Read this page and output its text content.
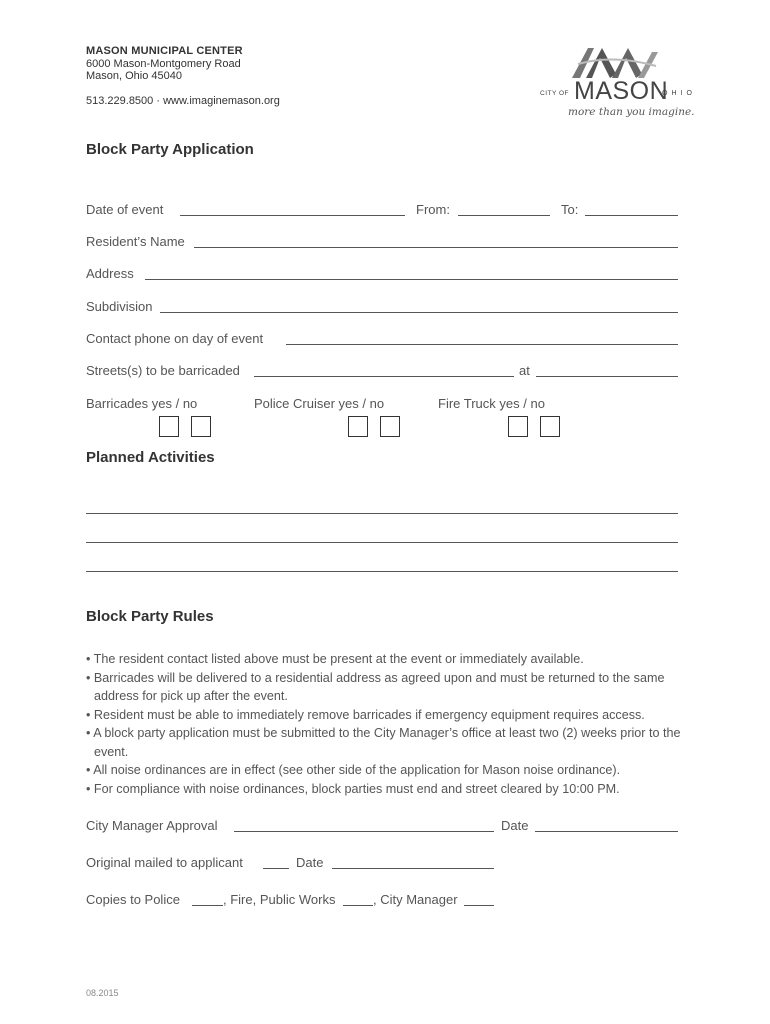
MASON MUNICIPAL CENTER
6000 Mason-Montgomery Road
Mason, Ohio 45040
513.229.8500 · www.imaginemason.org
CITY OF MASON
OHIO
more than you imagine.
Block Party Application
Date of event	From:	To:
Resident’s Name
Address
Subdivision
Contact phone on day of event
Streets(s) to be barricaded	at
Barricades yes / no	Police Cruiser yes / no	Fire Truck yes / no
Planned Activities
Block Party Rules
• The resident contact listed above must be present at the event or immediately available.
• Barricades will be delivered to a residential address as agreed upon and must be returned to the same address for pick up after the event.
• Resident must be able to immediately remove barricades if emergency equipment requires access.
• A block party application must be submitted to the City Manager’s office at least two (2) weeks prior to the event.
• All noise ordinances are in effect (see other side of the application for Mason noise ordinance).
• For compliance with noise ordinances, block parties must end and street cleared by 10:00 PM.
City Manager Approval	Date
Original mailed to applicant	Date
Copies to Police	, Fire, Public Works	, City Manager
08.2015
